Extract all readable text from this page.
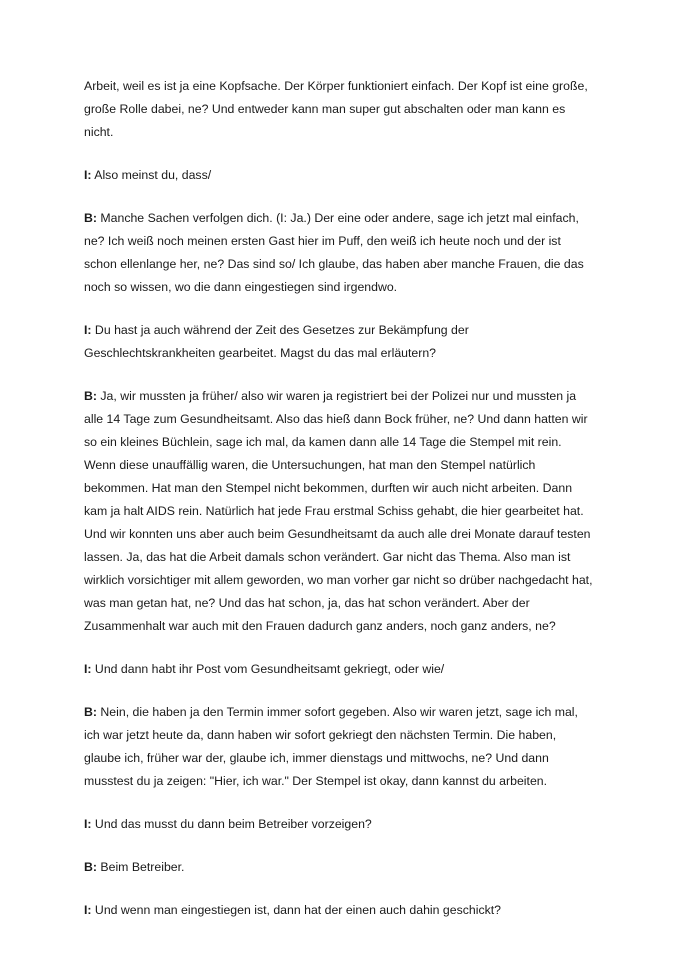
Arbeit, weil es ist ja eine Kopfsache. Der Körper funktioniert einfach. Der Kopf ist eine große, große Rolle dabei, ne? Und entweder kann man super gut abschalten oder man kann es nicht.

I: Also meinst du, dass/

B: Manche Sachen verfolgen dich. (I: Ja.) Der eine oder andere, sage ich jetzt mal einfach, ne? Ich weiß noch meinen ersten Gast hier im Puff, den weiß ich heute noch und der ist schon ellenlange her, ne? Das sind so/ Ich glaube, das haben aber manche Frauen, die das noch so wissen, wo die dann eingestiegen sind irgendwo.

I: Du hast ja auch während der Zeit des Gesetzes zur Bekämpfung der Geschlechtskrankheiten gearbeitet. Magst du das mal erläutern?

B: Ja, wir mussten ja früher/ also wir waren ja registriert bei der Polizei nur und mussten ja alle 14 Tage zum Gesundheitsamt. Also das hieß dann Bock früher, ne? Und dann hatten wir so ein kleines Büchlein, sage ich mal, da kamen dann alle 14 Tage die Stempel mit rein. Wenn diese unauffällig waren, die Untersuchungen, hat man den Stempel natürlich bekommen. Hat man den Stempel nicht bekommen, durften wir auch nicht arbeiten. Dann kam ja halt AIDS rein. Natürlich hat jede Frau erstmal Schiss gehabt, die hier gearbeitet hat. Und wir konnten uns aber auch beim Gesundheitsamt da auch alle drei Monate darauf testen lassen. Ja, das hat die Arbeit damals schon verändert. Gar nicht das Thema. Also man ist wirklich vorsichtiger mit allem geworden, wo man vorher gar nicht so drüber nachgedacht hat, was man getan hat, ne? Und das hat schon, ja, das hat schon verändert. Aber der Zusammenhalt war auch mit den Frauen dadurch ganz anders, noch ganz anders, ne?

I: Und dann habt ihr Post vom Gesundheitsamt gekriegt, oder wie/

B: Nein, die haben ja den Termin immer sofort gegeben. Also wir waren jetzt, sage ich mal, ich war jetzt heute da, dann haben wir sofort gekriegt den nächsten Termin. Die haben, glaube ich, früher war der, glaube ich, immer dienstags und mittwochs, ne? Und dann musstest du ja zeigen: "Hier, ich war." Der Stempel ist okay, dann kannst du arbeiten.

I: Und das musst du dann beim Betreiber vorzeigen?

B: Beim Betreiber.

I: Und wenn man eingestiegen ist, dann hat der einen auch dahin geschickt?
